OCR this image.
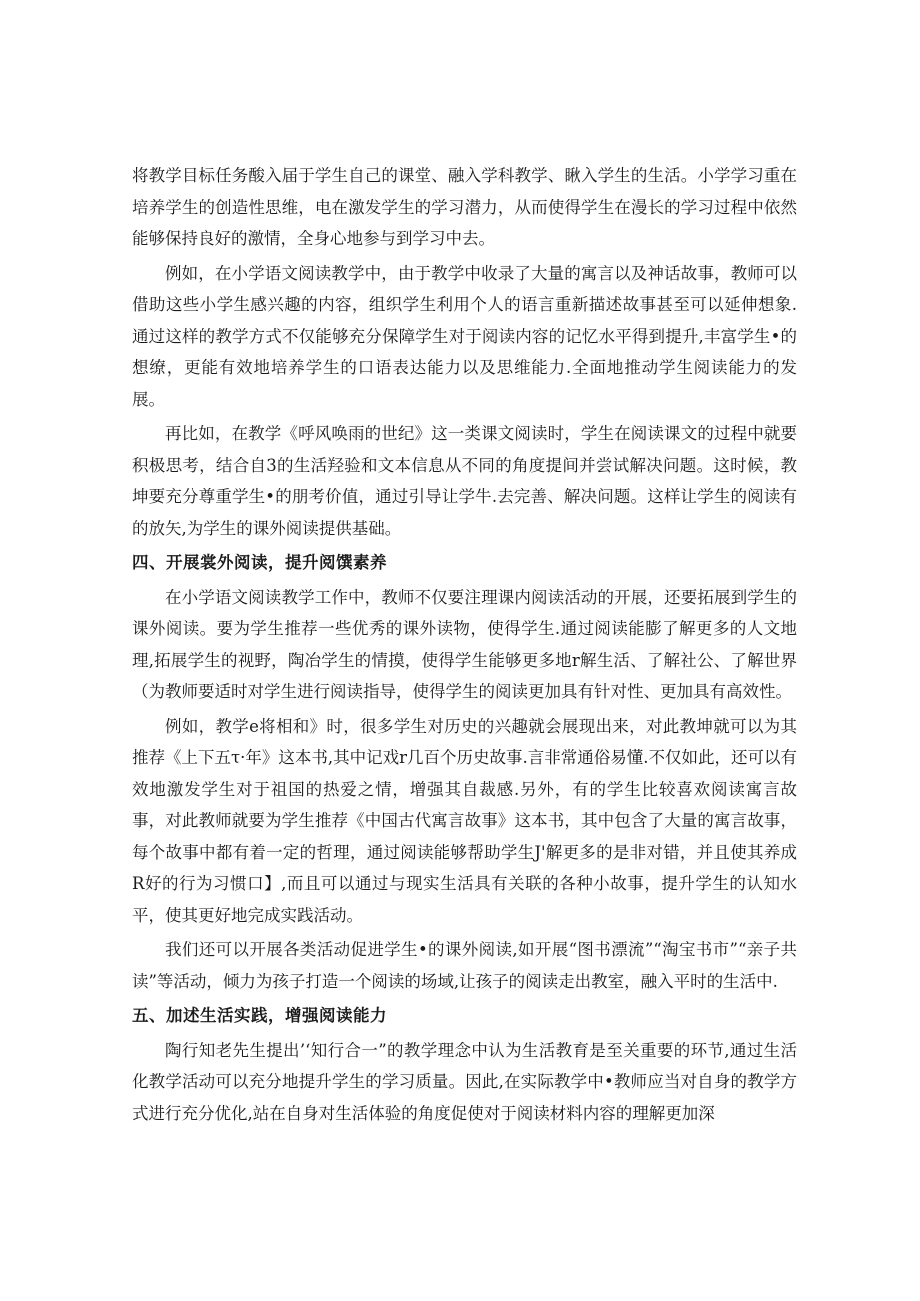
将教学目标任务酸入届于学生自己的课堂、融入学科教学、瞅入学生的生活。小学学习重在培养学生的创造性思维，电在激发学生的学习潜力，从而使得学生在漫长的学习过程中依然能够保持良好的激情，全身心地参与到学习中去。

例如，在小学语文阅读教学中，由于教学中收录了大量的寓言以及神话故事，教师可以借助这些小学生感兴趣的内容，组织学生利用个人的语言重新描述故事甚至可以延伸想象.通过这样的教学方式不仅能够充分保障学生对于阅读内容的记忆水平得到提升,丰富学生•的想缭，更能有效地培养学生的口语表达能力以及思维能力.全面地推动学生阅读能力的发展。

再比如，在教学《呼风唤雨的世纪》这一类课文阅读时，学生在阅读课文的过程中就要积极思考，结合自3的生活羟验和文本信息从不同的角度提间并尝试解决问题。这时候，教坤要充分尊重学生•的朋考价值，通过引导让学牛.去完善、解决问题。这样让学生的阅读有的放矢,为学生的课外阅读提供基础。

四、开展裳外阅读，提升阅馔素养

在小学语文阅读教学工作中，教师不仅要注理课内阅读活动的开展，还要拓展到学生的课外阅读。要为学生推荐一些优秀的课外读物，使得学生.通过阅读能膨了解更多的人文地理,拓展学生的视野，陶冶学生的情摸，使得学生能够更多地r解生活、了解社公、了解世界（为教师要适时对学生进行阅读指导，使得学生的阅读更加具有针对性、更加具有高效性。

例如，教学e将相和》时，很多学生对历史的兴趣就会展现出来，对此教坤就可以为其推荐《上下五τ·年》这本书,其中记戏r几百个历史故事.言非常通俗易懂.不仅如此，还可以有效地激发学生对于祖国的热爱之情，增强其自裁感.另外，有的学生比较喜欢阅读寓言故事，对此教师就要为学生推荐《中国古代寓言故事》这本书，其中包含了大量的寓言故事，每个故事中都有着一定的哲理，通过阅读能够帮助学生J'解更多的是非对错，并且使其养成R好的行为习惯口】,而且可以通过与现实生活具有关联的各种小故事，提升学生的认知水平，使其更好地完成实践活动。

我们还可以开展各类活动促进学生•的课外阅读,如开展“图书漂流”“淘宝书市”“亲子共读”等活动，倾力为孩子打造一个阅读的场域,让孩子的阅读走出教室，融入平时的生活中.

五、加述生活实践，增强阅读能力

陶行知老先生提出’‘知行合一”的教学理念中认为生活教育是至关重要的环节,通过生活化教学活动可以充分地提升学生的学习质量。因此,在实际教学中•教师应当对自身的教学方式进行充分优化,站在自身对生活体验的角度促使对于阅读材料内容的理解更加深
